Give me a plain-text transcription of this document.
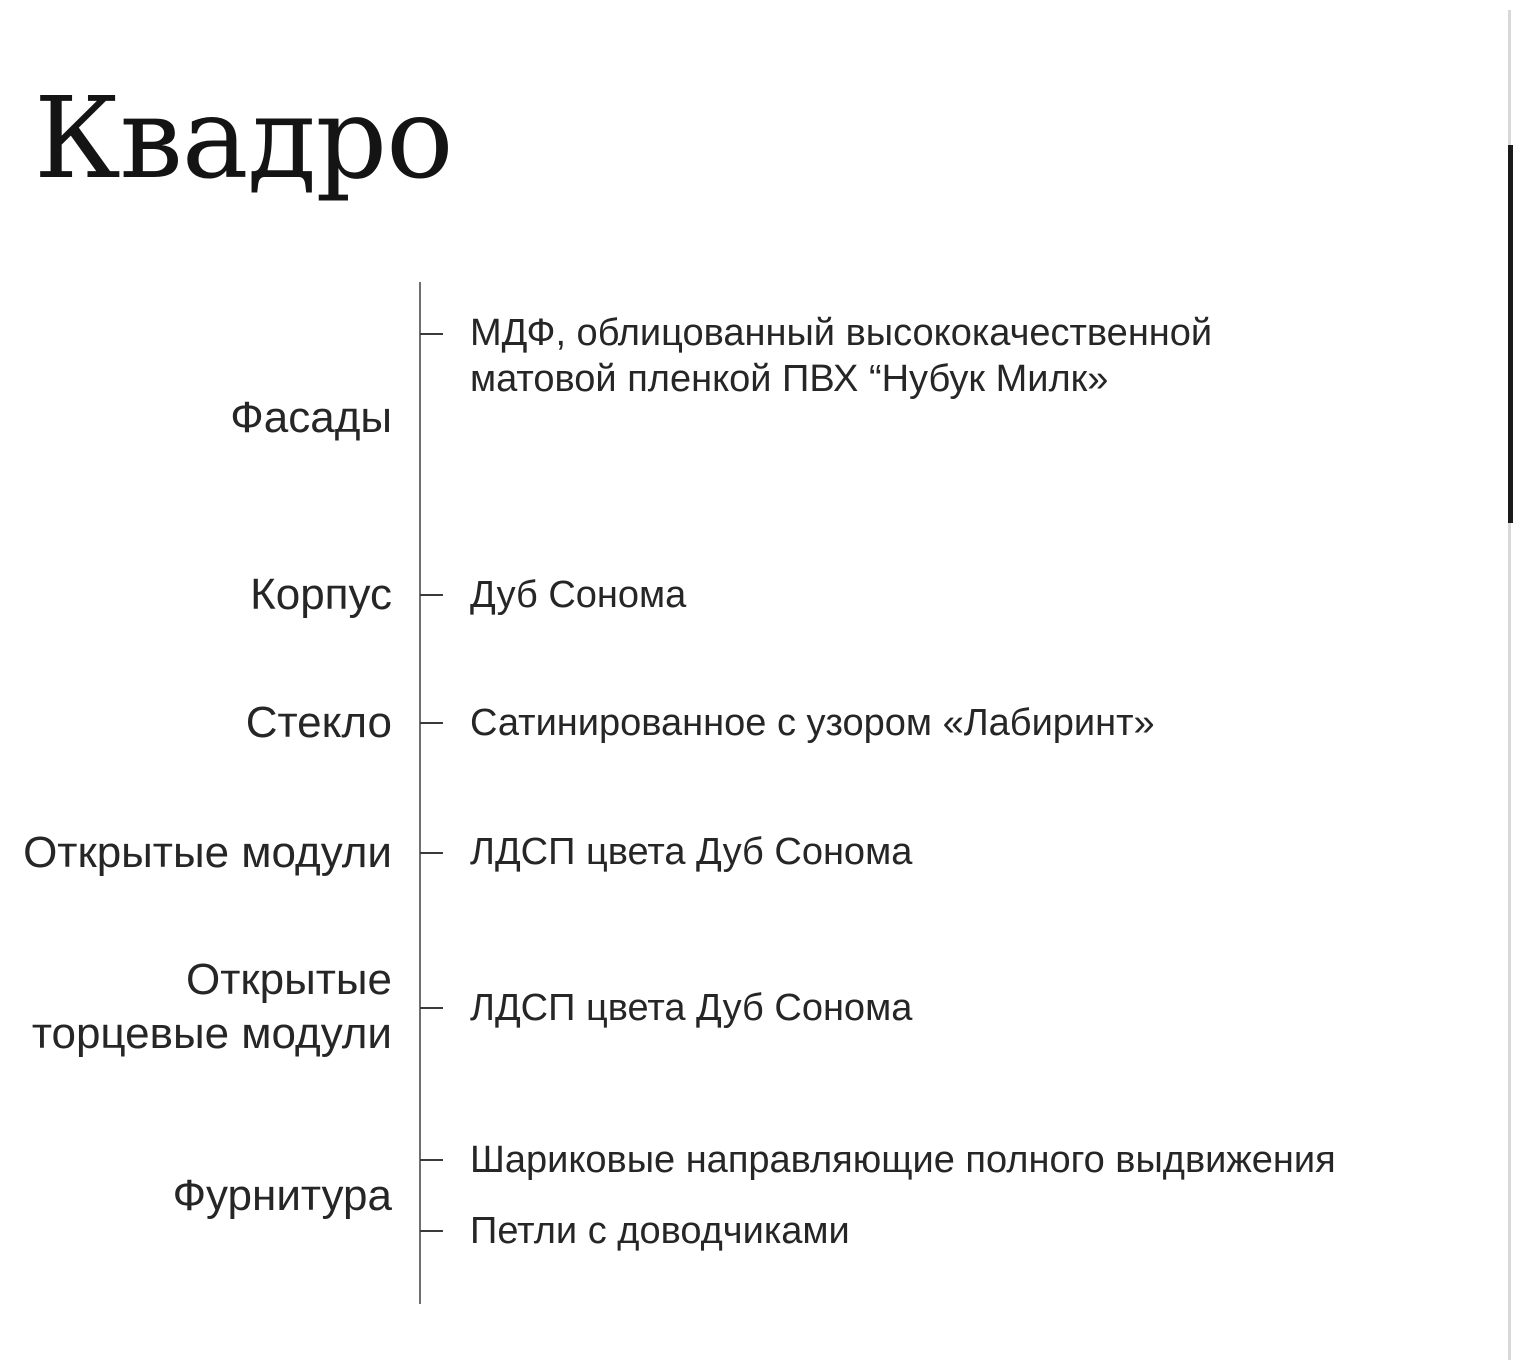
Квадро
Фасады
МДФ, облицованный высококачественной
матовой пленкой ПВХ “Нубук Милк»
Корпус Дуб Сонома
Стекло Сатинированное с узором «Лабиринт»
Открытые модули ЛДСП цвета Дуб Сонома
Открытые
торцевые модули
ЛДСП цвета Дуб Сонома
Фурнитура
Шариковые направляющие полного выдвижения
Петли с доводчиками
